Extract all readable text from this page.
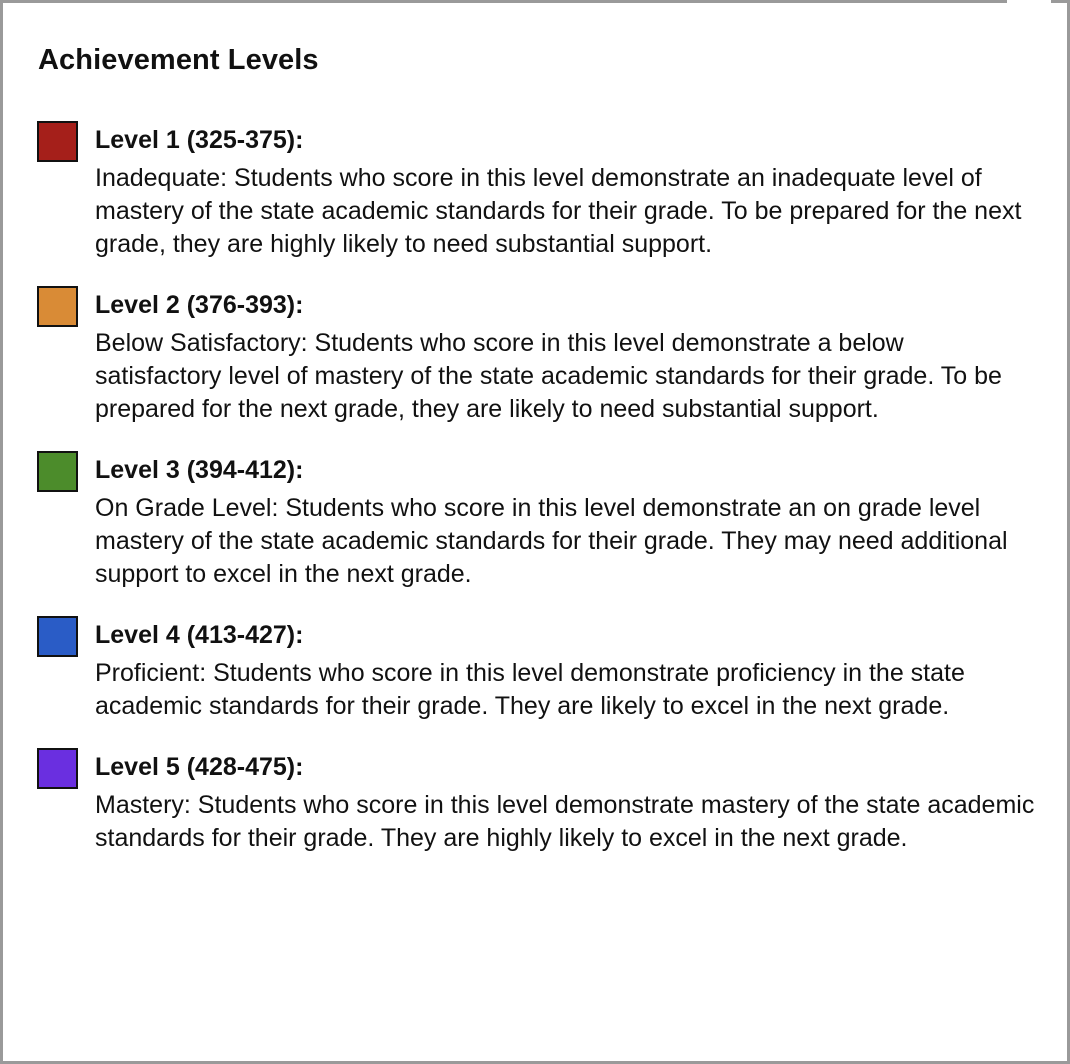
Achievement Levels

Level 1 (325-375):

Inadequate: Students who score in this level demonstrate an inadequate level of mastery of the state academic standards for their grade. To be prepared for the next grade, they are highly likely to need substantial support.

Level 2 (376-393):

Below Satisfactory: Students who score in this level demonstrate a below satisfactory level of mastery of the state academic standards for their grade. To be prepared for the next grade, they are likely to need substantial support.

Level 3 (394-412):

On Grade Level: Students who score in this level demonstrate an on grade level mastery of the state academic standards for their grade. They may need additional support to excel in the next grade.

Level 4 (413-427):

Proficient: Students who score in this level demonstrate proficiency in the state academic standards for their grade. They are likely to excel in the next grade.

Level 5 (428-475):

Mastery: Students who score in this level demonstrate mastery of the state academic standards for their grade. They are highly likely to excel in the next grade.
